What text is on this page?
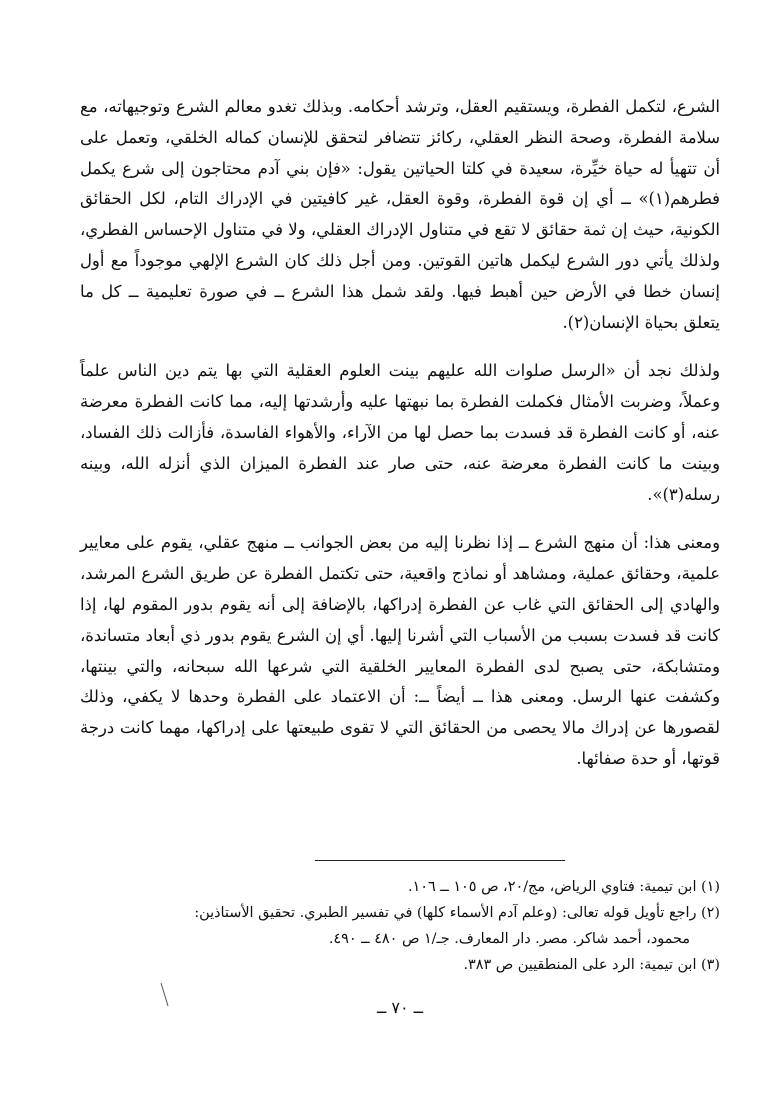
الشرع، لتكمل الفطرة، ويستقيم العقل، وترشد أحكامه. وبذلك تغدو معالم الشرع وتوجيهاته، مع سلامة الفطرة، وصحة النظر العقلي، ركائز تتضافر لتحقق للإنسان كماله الخلقي، وتعمل على أن تتهيأ له حياة خيِّرة، سعيدة في كلتا الحياتين يقول: «فإن بني آدم محتاجون إلى شرع يكمل فطرهم(١)» ــ أي إن قوة الفطرة، وقوة العقل، غير كافيتين في الإدراك التام، لكل الحقائق الكونية، حيث إن ثمة حقائق لا تقع في متناول الإدراك العقلي، ولا في متناول الإحساس الفطري، ولذلك يأتي دور الشرع ليكمل هاتين القوتين. ومن أجل ذلك كان الشرع الإلهي موجوداً مع أول إنسان خطا في الأرض حين أهبط فيها. ولقد شمل هذا الشرع ــ في صورة تعليمية ــ كل ما يتعلق بحياة الإنسان(٢).

ولذلك نجد أن «الرسل صلوات الله عليهم بينت العلوم العقلية التي بها يتم دين الناس علماً وعملاً، وضربت الأمثال فكملت الفطرة بما نبهتها عليه وأرشدتها إليه، مما كانت الفطرة معرضة عنه، أو كانت الفطرة قد فسدت بما حصل لها من الآراء، والأهواء الفاسدة، فأزالت ذلك الفساد، وبينت ما كانت الفطرة معرضة عنه، حتى صار عند الفطرة الميزان الذي أنزله الله، وبينه رسله(٣)».

ومعنى هذا: أن منهج الشرع ــ إذا نظرنا إليه من بعض الجوانب ــ منهج عقلي، يقوم على معايير علمية، وحقائق عملية، ومشاهد أو نماذج واقعية، حتى تكتمل الفطرة عن طريق الشرع المرشد، والهادي إلى الحقائق التي غاب عن الفطرة إدراكها، بالإضافة إلى أنه يقوم بدور المقوم لها، إذا كانت قد فسدت بسبب من الأسباب التي أشرنا إليها. أي إن الشرع يقوم بدور ذي أبعاد متساندة، ومتشابكة، حتى يصبح لدى الفطرة المعايير الخلقية التي شرعها الله سبحانه، والتي بينتها، وكشفت عنها الرسل. ومعنى هذا ــ أيضاً ــ: أن الاعتماد على الفطرة وحدها لا يكفي، وذلك لقصورها عن إدراك مالا يحصى من الحقائق التي لا تقوى طبيعتها على إدراكها، مهما كانت درجة قوتها، أو حدة صفائها.

(١) ابن تيمية: فتاوي الرياض، مج/٢٠، ص ١٠٥ ــ ١٠٦.

(٢) راجع تأويل قوله تعالى: (وعلم آدم الأسماء كلها) في تفسير الطبري. تحقيق الأستاذين:

محمود، أحمد شاكر. مصر. دار المعارف. جـ/١ ص ٤٨٠ ــ ٤٩٠.

(٣) ابن تيمية: الرد على المنطقيين ص ٣٨٣.

ــ ٧٠ ــ
